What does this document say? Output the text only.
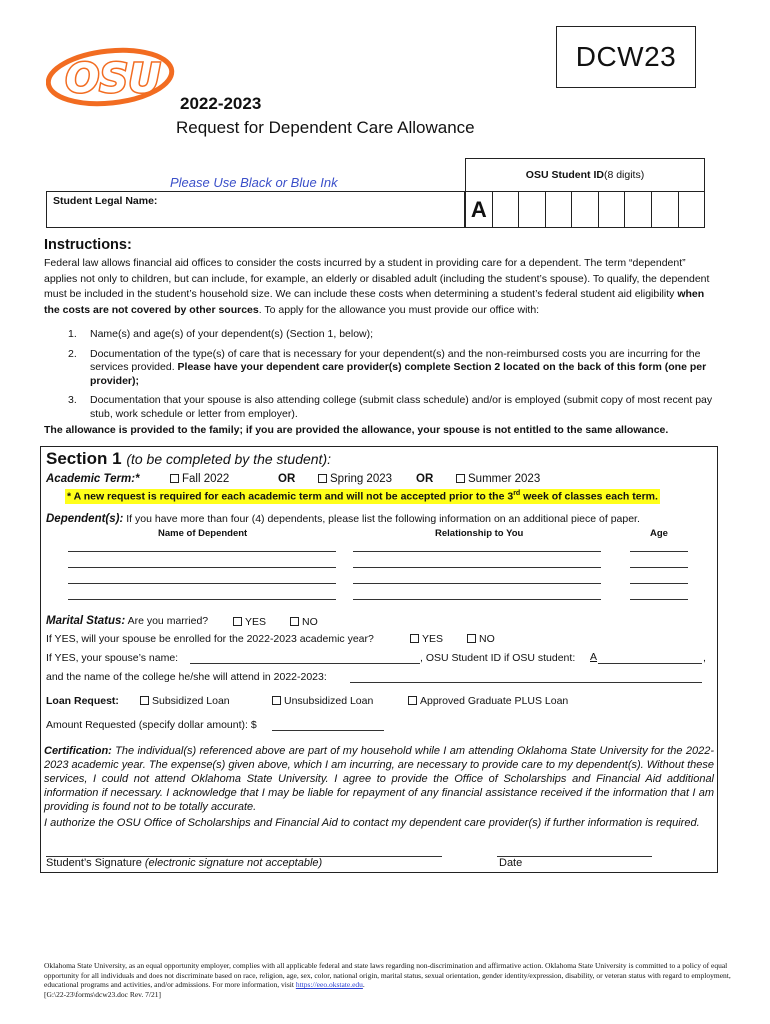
OSU	DCW23
2022-2023
Request for Dependent Care Allowance
Please Use Black or Blue Ink
Student Legal Name:
OSU Student ID (8 digits)
A
Instructions:
Federal law allows financial aid offices to consider the costs incurred by a student in providing care for a dependent. The term “dependent” applies not only to children, but can include, for example, an elderly or disabled adult (including the student’s spouse). To qualify, the dependent must be included in the student’s household size. We can include these costs when determining a student’s federal student aid eligibility when the costs are not covered by other sources. To apply for the allowance you must provide our office with:
1.	Name(s) and age(s) of your dependent(s) (Section 1, below);
2.	Documentation of the type(s) of care that is necessary for your dependent(s) and the non-reimbursed costs you are incurring for the services provided. Please have your dependent care provider(s) complete Section 2 located on the back of this form (one per provider);
3.	Documentation that your spouse is also attending college (submit class schedule) and/or is employed (submit copy of most recent pay stub, work schedule or letter from employer).
The allowance is provided to the family; if you are provided the allowance, your spouse is not entitled to the same allowance.
Section 1 (to be completed by the student):
Academic Term:*	Fall 2022	OR	Spring 2023 OR	Summer 2023
* A new request is required for each academic term and will not be accepted prior to the 3rd week of classes each term.
Dependent(s): If you have more than four (4) dependents, please list the following information on an additional piece of paper.
Name of Dependent	Relationship to You	Age
Marital Status: Are you married?	YES	NO
If YES, will your spouse be enrolled for the 2022-2023 academic year?	YES	NO
If YES, your spouse’s name:	, OSU Student ID if OSU student: A	,
and the name of the college he/she will attend in 2022-2023:
Loan Request:	Subsidized Loan	Unsubsidized Loan	Approved Graduate PLUS Loan
Amount Requested (specify dollar amount): $
Certification: The individual(s) referenced above are part of my household while I am attending Oklahoma State University for the 2022-2023 academic year. The expense(s) given above, which I am incurring, are necessary to provide care to my dependent(s). Without these services, I could not attend Oklahoma State University. I agree to provide the Office of Scholarships and Financial Aid additional information if necessary. I acknowledge that I may be liable for repayment of any financial assistance received if the information that I am providing is found not to be totally accurate.
I authorize the OSU Office of Scholarships and Financial Aid to contact my dependent care provider(s) if further information is required.
Student’s Signature (electronic signature not acceptable)	Date
Oklahoma State University, as an equal opportunity employer, complies with all applicable federal and state laws regarding non-discrimination and affirmative action. Oklahoma State University is committed to a policy of equal opportunity for all individuals and does not discriminate based on race, religion, age, sex, color, national origin, marital status, sexual orientation, gender identity/expression, disability, or veteran status with regard to employment, educational programs and activities, and/or admissions. For more information, visit https://eeo.okstate.edu.
[G:\22-23\forms\dcw23.doc Rev. 7/21]
